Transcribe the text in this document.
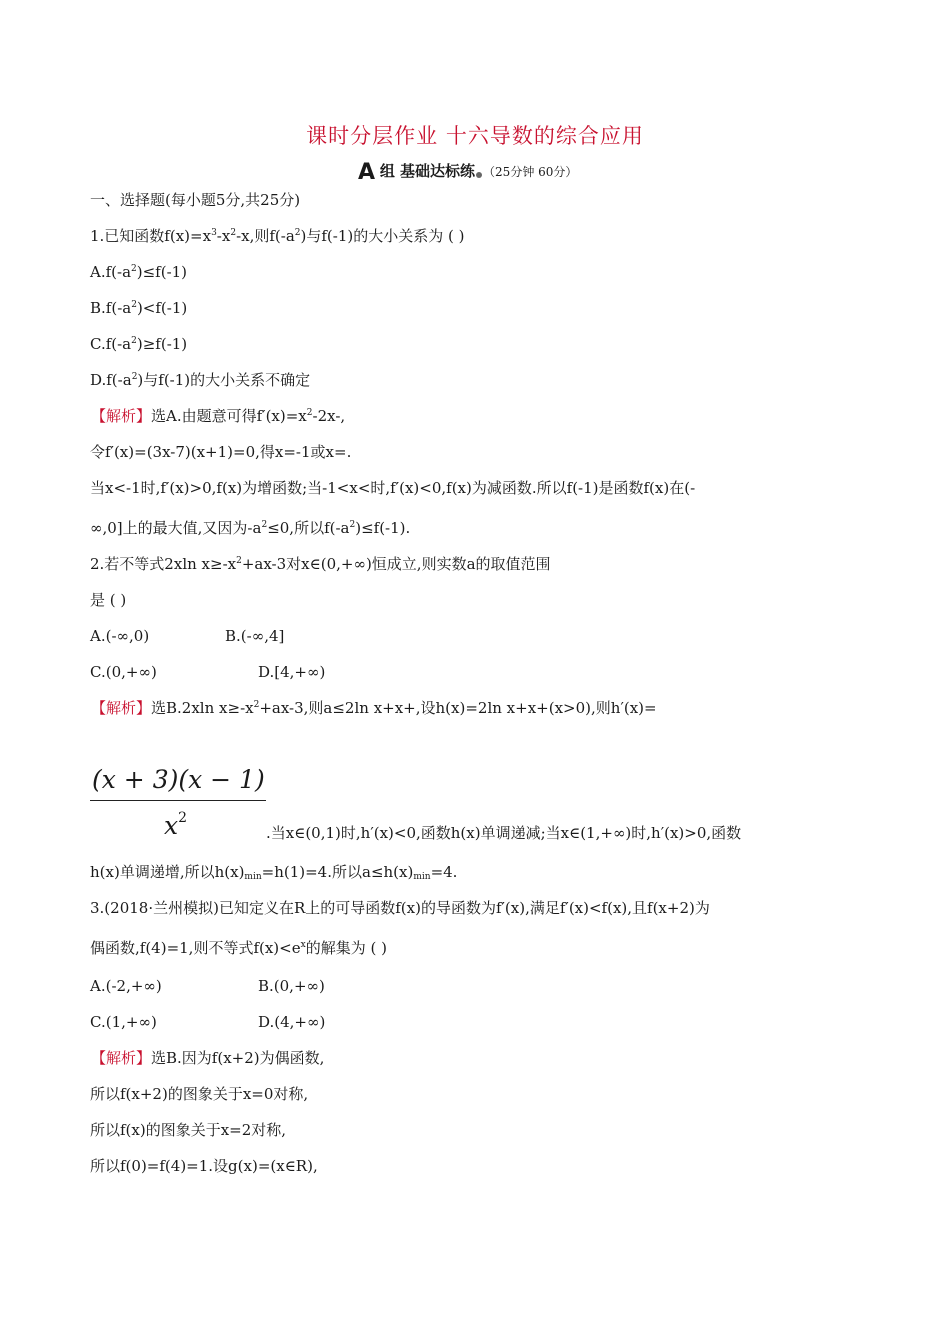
课时分层作业 十六导数的综合应用
A 组 基础达标练 （25分钟 60分）
一、选择题(每小题5分,共25分)
1.已知函数$f(x)=x^3-x^2-x$,则$f(-a^2)$与f(-1)的大小关系为 ( )
$A.f(-a^2)\le f(-1)$
$B.f(-a^2)<f(-1)$
$C.f(-a^2)\ge f(-1)$
$D.f(-a^2)$与f(-1)的大小关系不确定
【解析】选A.由题意可得$f'(x)=x^2-2x-$,
令f′(x)=(3x-7)(x+1)=0,得x=-1或x=.
当x<-1时,f′(x)>0,f(x)为增函数;当-1<x<时,f′(x)<0,f(x)为减函数.所以f(-1)是函数f(x)在(-
∞,0]上的最大值,又因为$-a^2\le 0$,所以$f(-a^2)\le f(-1)$.
2.若不等式2xln $x\ge-x^2+ax-3$对x∈(0,+∞)恒成立,则实数a的取值范围
是 ( )
A.(-∞,0)	B.(-∞,4]
C.(0,+∞)	D.[4,+∞)
【解析】选B.2xln $x\ge-x^2+ax-3$,则a≤2ln x+x+,设h(x)=2ln x+x+(x>0),则h′(x)=
(x + 3)(x − 1)
$x^2$
.当x∈(0,1)时,h′(x)<0,函数h(x)单调递减;当x∈(1,+∞)时,h′(x)>0,函数
h(x)单调递增,所以$h(x)_{min}=h(1)=4$.所以$a\le h(x)_{min}=4$.
3.(2018·兰州模拟)已知定义在R上的可导函数f(x)的导函数为f′(x),满足f′(x)<f(x),且f(x+2)为
偶函数,f(4)=1,则不等式$f(x)<e^x$的解集为 ( )
A.(-2,+∞)	B.(0,+∞)
C.(1,+∞)	D.(4,+∞)
【解析】选B.因为f(x+2)为偶函数,
所以f(x+2)的图象关于x=0对称,
所以f(x)的图象关于x=2对称,
所以f(0)=f(4)=1.设g(x)=(x∈R),
